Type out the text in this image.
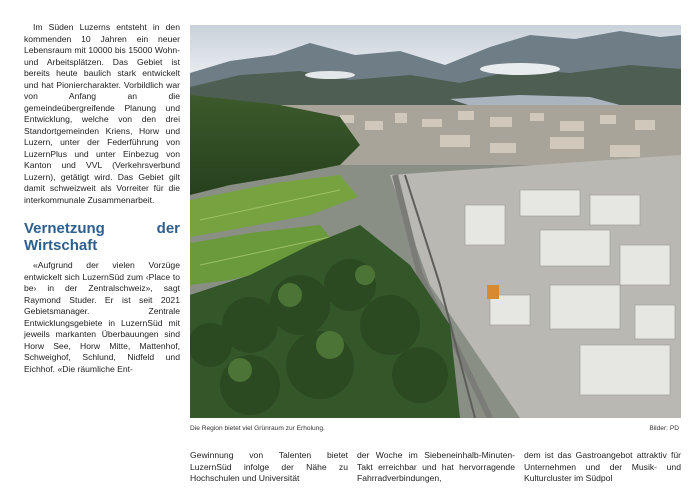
Im Süden Luzerns entsteht in den kommenden 10 Jahren ein neuer Lebensraum mit 10000 bis 15000 Wohn- und Arbeitsplätzen. Das Gebiet ist bereits heute baulich stark entwickelt und hat Pioniercharakter. Vorbildlich war von Anfang an die gemeindeübergreifende Planung und Entwicklung, welche von den drei Standortgemeinden Kriens, Horw und Luzern, unter der Federführung von LuzernPlus und unter Einbezug von Kanton und VVL (Verkehrsverbund Luzern), getätigt wird. Das Gebiet gilt damit schweizweit als Vorreiter für die interkommunale Zusammenarbeit.

Vernetzung der Wirtschaft

«Aufgrund der vielen Vorzüge entwickelt sich LuzernSüd zum ‹Place to be› in der Zentralschweiz», sagt Raymond Studer. Er ist seit 2021 Gebietsmanager. Zentrale Entwicklungsgebiete in LuzernSüd mit jeweils markanten Überbauungen sind Horw See, Horw Mitte, Mattenhof, Schweighof, Schlund, Nidfeld und Eichhof. «Die räumliche Ent-

Die Region bietet viel Grünraum zur Erholung.	Bilder: PD
Gewinnung von Talenten bietet LuzernSüd infolge der Nähe zu Hochschulen und Universität
der Woche im Siebeneinhalb-Minuten-Takt erreichbar und hat hervorragende Fahrradverbindungen,
dem ist das Gastroangebot attraktiv für Unternehmen und der Musik- und Kulturcluster im Südpol
